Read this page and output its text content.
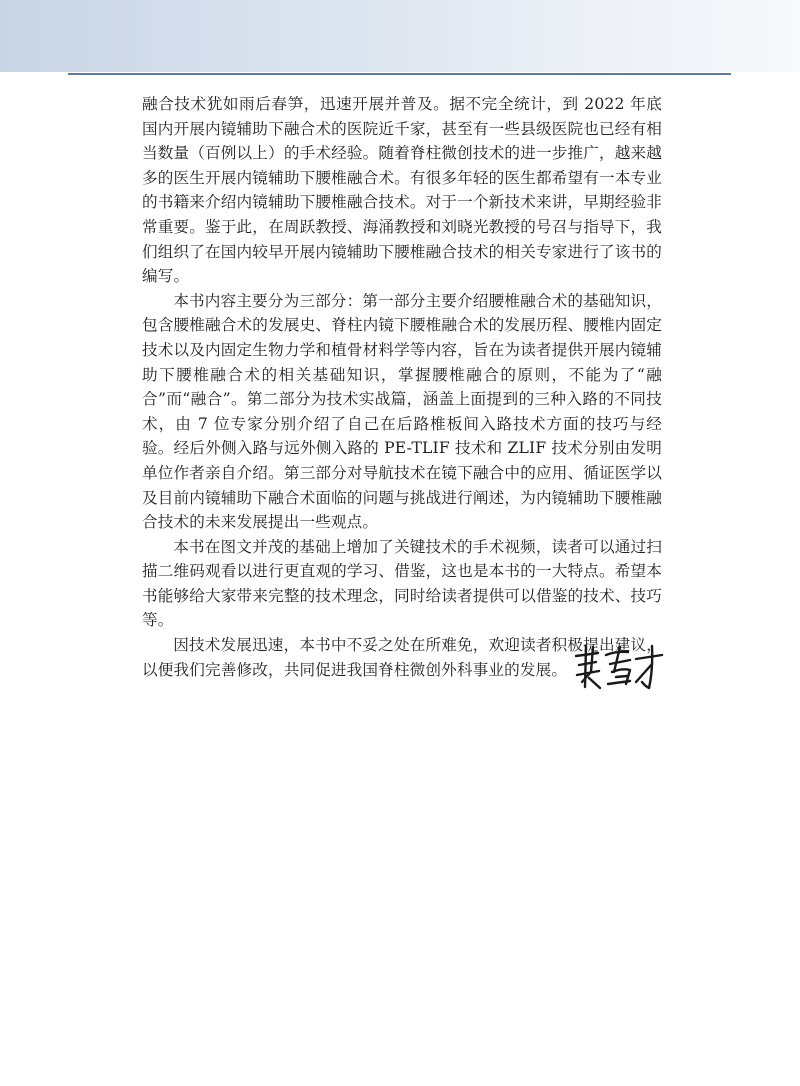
融合技术犹如雨后春笋，迅速开展并普及。据不完全统计，到 2022 年底国内开展内镜辅助下融合术的医院近千家，甚至有一些县级医院也已经有相当数量（百例以上）的手术经验。随着脊柱微创技术的进一步推广，越来越多的医生开展内镜辅助下腰椎融合术。有很多年轻的医生都希望有一本专业的书籍来介绍内镜辅助下腰椎融合技术。对于一个新技术来讲，早期经验非常重要。鉴于此，在周跃教授、海涌教授和刘晓光教授的号召与指导下，我们组织了在国内较早开展内镜辅助下腰椎融合技术的相关专家进行了该书的编写。

本书内容主要分为三部分：第一部分主要介绍腰椎融合术的基础知识，包含腰椎融合术的发展史、脊柱内镜下腰椎融合术的发展历程、腰椎内固定技术以及内固定生物力学和植骨材料学等内容，旨在为读者提供开展内镜辅助下腰椎融合术的相关基础知识，掌握腰椎融合的原则，不能为了“融合”而“融合”。第二部分为技术实战篇，涵盖上面提到的三种入路的不同技术，由 7 位专家分别介绍了自己在后路椎板间入路技术方面的技巧与经验。经后外侧入路与远外侧入路的 PE-TLIF 技术和 ZLIF 技术分别由发明单位作者亲自介绍。第三部分对导航技术在镜下融合中的应用、循证医学以及目前内镜辅助下融合术面临的问题与挑战进行阐述，为内镜辅助下腰椎融合技术的未来发展提出一些观点。

本书在图文并茂的基础上增加了关键技术的手术视频，读者可以通过扫描二维码观看以进行更直观的学习、借鉴，这也是本书的一大特点。希望本书能够给大家带来完整的技术理念，同时给读者提供可以借鉴的技术、技巧等。

因技术发展迅速，本书中不妥之处在所难免，欢迎读者积极提出建议，以便我们完善修改，共同促进我国脊柱微创外科事业的发展。
